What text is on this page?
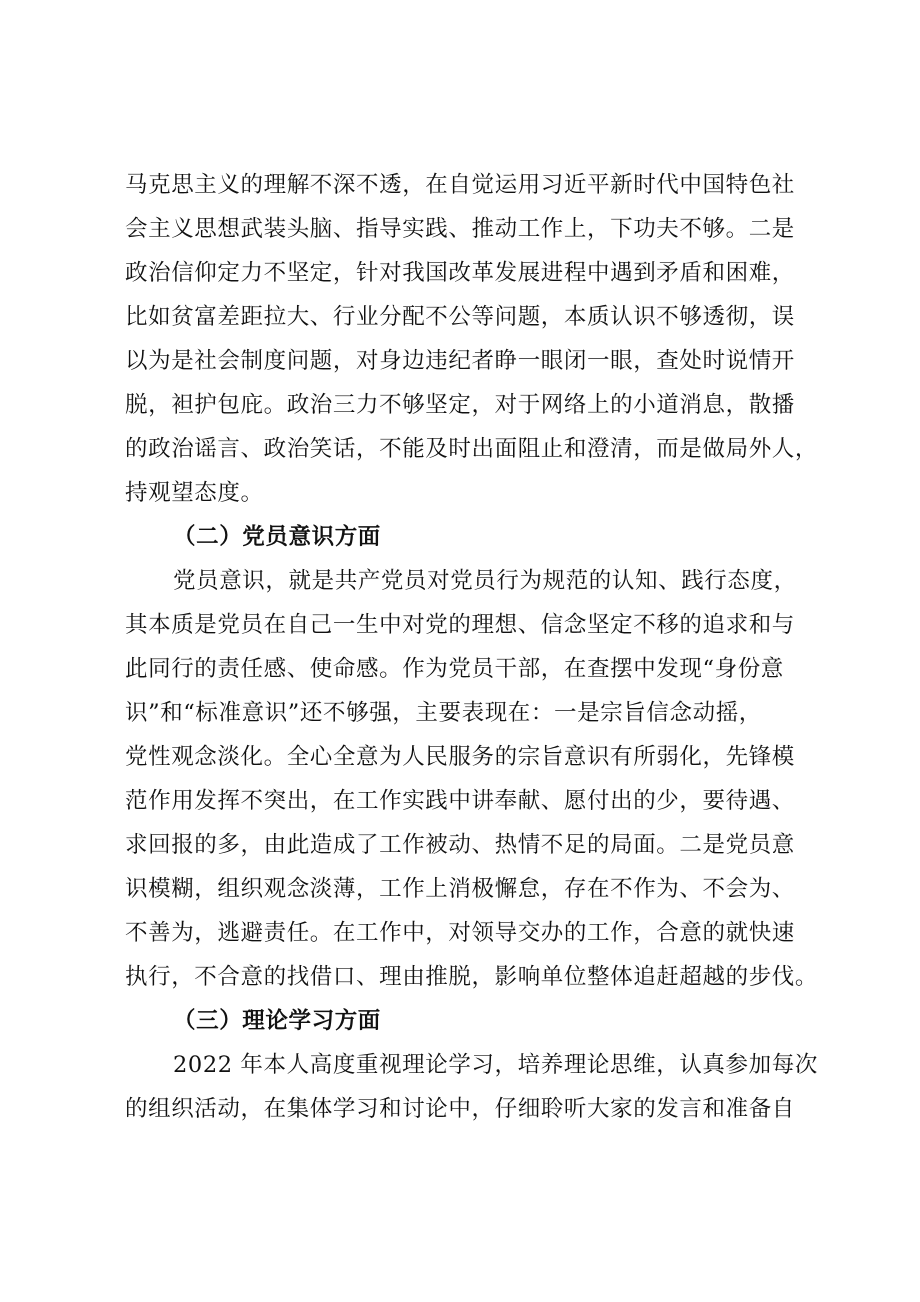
马克思主义的理解不深不透，在自觉运用习近平新时代中国特色社
会主义思想武装头脑、指导实践、推动工作上，下功夫不够。二是
政治信仰定力不坚定，针对我国改革发展进程中遇到矛盾和困难，
比如贫富差距拉大、行业分配不公等问题，本质认识不够透彻，误
以为是社会制度问题，对身边违纪者睁一眼闭一眼，查处时说情开
脱，袒护包庇。政治三力不够坚定，对于网络上的小道消息，散播
的政治谣言、政治笑话，不能及时出面阻止和澄清，而是做局外人，
持观望态度。
（二）党员意识方面
党员意识，就是共产党员对党员行为规范的认知、践行态度，
其本质是党员在自己一生中对党的理想、信念坚定不移的追求和与
此同行的责任感、使命感。作为党员干部，在查摆中发现“身份意
识”和“标准意识”还不够强，主要表现在：一是宗旨信念动摇，
党性观念淡化。全心全意为人民服务的宗旨意识有所弱化，先锋模
范作用发挥不突出，在工作实践中讲奉献、愿付出的少，要待遇、
求回报的多，由此造成了工作被动、热情不足的局面。二是党员意
识模糊，组织观念淡薄，工作上消极懈怠，存在不作为、不会为、
不善为，逃避责任。在工作中，对领导交办的工作，合意的就快速
执行，不合意的找借口、理由推脱，影响单位整体追赶超越的步伐。
（三）理论学习方面
2022 年本人高度重视理论学习，培养理论思维，认真参加每次
的组织活动，在集体学习和讨论中，仔细聆听大家的发言和准备自
